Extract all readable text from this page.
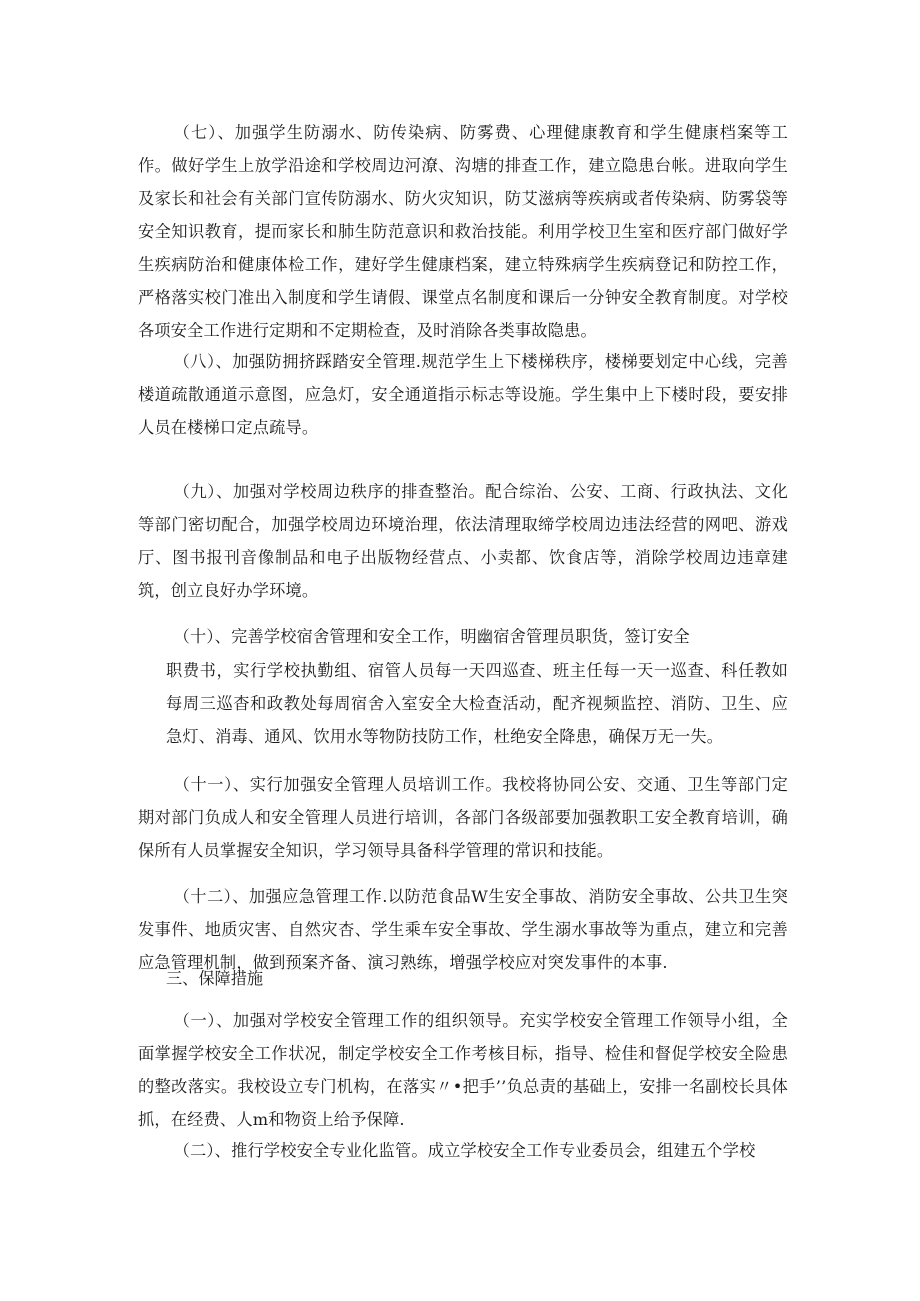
（七）、加强学生防溺水、防传染病、防雾费、心理健康教育和学生健康档案等工作。做好学生上放学沿途和学校周边河潦、沟塘的排查工作，建立隐患台帐。进取向学生及家长和社会有关部门宣传防溺水、防火灾知识，防艾滋病等疾病或者传染病、防雾袋等安全知识教育，提而家长和肺生防范意识和救治技能。利用学校卫生室和医疗部门做好学生疾病防治和健康体检工作，建好学生健康档案，建立特殊病学生疾病登记和防控工作，严格落实校门准出入制度和学生请假、课堂点名制度和课后一分钟安全教育制度。对学校各项安全工作进行定期和不定期检查，及时消除各类事故隐患。

（八）、加强防拥挤踩踏安全管理.规范学生上下楼梯秩序，楼梯要划定中心线，完善楼道疏散通道示意图，应急灯，安全通道指示标志等设施。学生集中上下楼时段，要安排人员在楼梯口定点疏导。

（九）、加强对学校周边秩序的排查整治。配合综治、公安、工商、行政执法、文化等部门密切配合，加强学校周边环境治理，依法清理取缔学校周边违法经营的网吧、游戏厅、图书报刊音像制品和电子出版物经营点、小卖都、饮食店等，消除学校周边违章建筑，创立良好办学环境。

（十）、完善学校宿舍管理和安全工作，明幽宿舍管理员职货，签订安全

职费书，实行学校执勤组、宿管人员每一天四巡查、班主任每一天一巡查、科任教如每周三巡杳和政教处每周宿舍入室安全大检查活动，配齐视频监控、消防、卫生、应急灯、消毒、通风、饮用水等物防技防工作，杜绝安全降患，确保万无一失。

（十一）、实行加强安全管理人员培训工作。我校将协同公安、交通、卫生等部门定期对部门负成人和安全管理人员进行培训，各部门各级部要加强教职工安全教育培训，确保所有人员掌握安全知识，学习领导具备科学管理的常识和技能。

（十二）、加强应急管理工作.以防范食品W生安全事故、消防安全事故、公共卫生突发事件、地质灾害、自然灾杏、学生乘车安全事故、学生溺水事故等为重点，建立和完善应急管理机制，做到预案齐备、演习熟练，增强学校应对突发事件的本事.

三、保障措施

（一）、加强对学校安全管理工作的组织领导。充实学校安全管理工作领导小组，全面掌握学校安全工作状况，制定学校安全工作考核目标，指导、检佳和督促学校安全险患的整改落实。我校设立专门机构，在落实〃•把手’’负总责的基础上，安排一名副校长具体抓，在经费、人m和物资上给予保障.

（二）、推行学校安全专业化监管。成立学校安全工作专业委员会，组建五个学校
